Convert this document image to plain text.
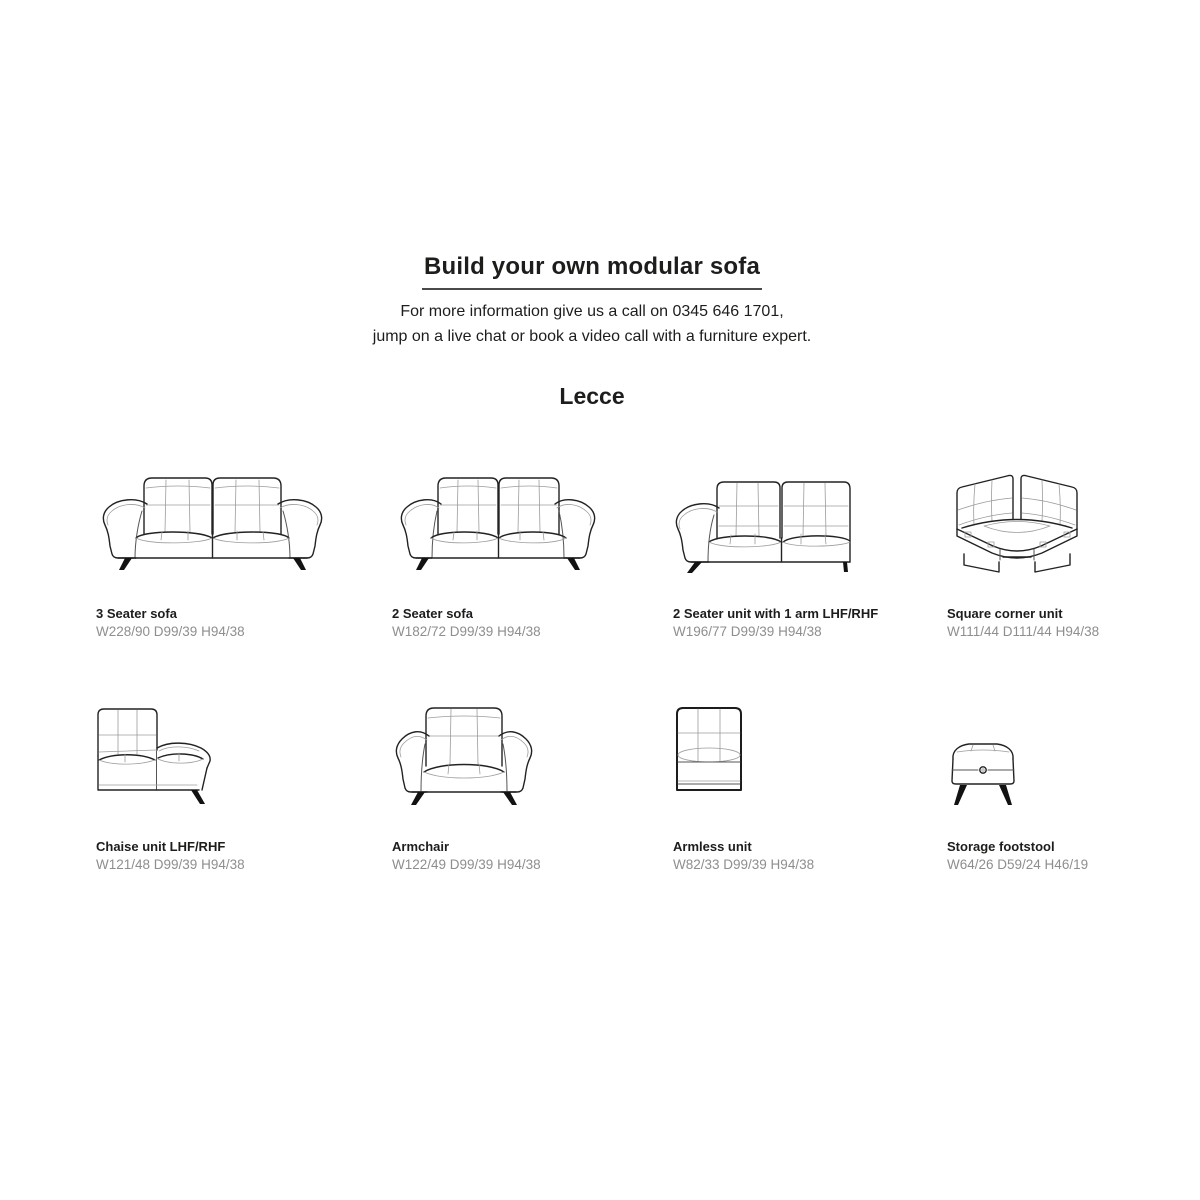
Build your own modular sofa

For more information give us a call on 0345 646 1701,
jump on a live chat or book a video call with a furniture expert.

Lecce
3 Seater sofa
W228/90 D99/39 H94/38
2 Seater sofa
W182/72 D99/39 H94/38
2 Seater unit with 1 arm LHF/RHF
W196/77 D99/39 H94/38
Square corner unit
W111/44 D111/44 H94/38
Chaise unit LHF/RHF
W121/48 D99/39 H94/38
Armchair
W122/49 D99/39 H94/38
Armless unit
W82/33 D99/39 H94/38
Storage footstool
W64/26 D59/24 H46/19
